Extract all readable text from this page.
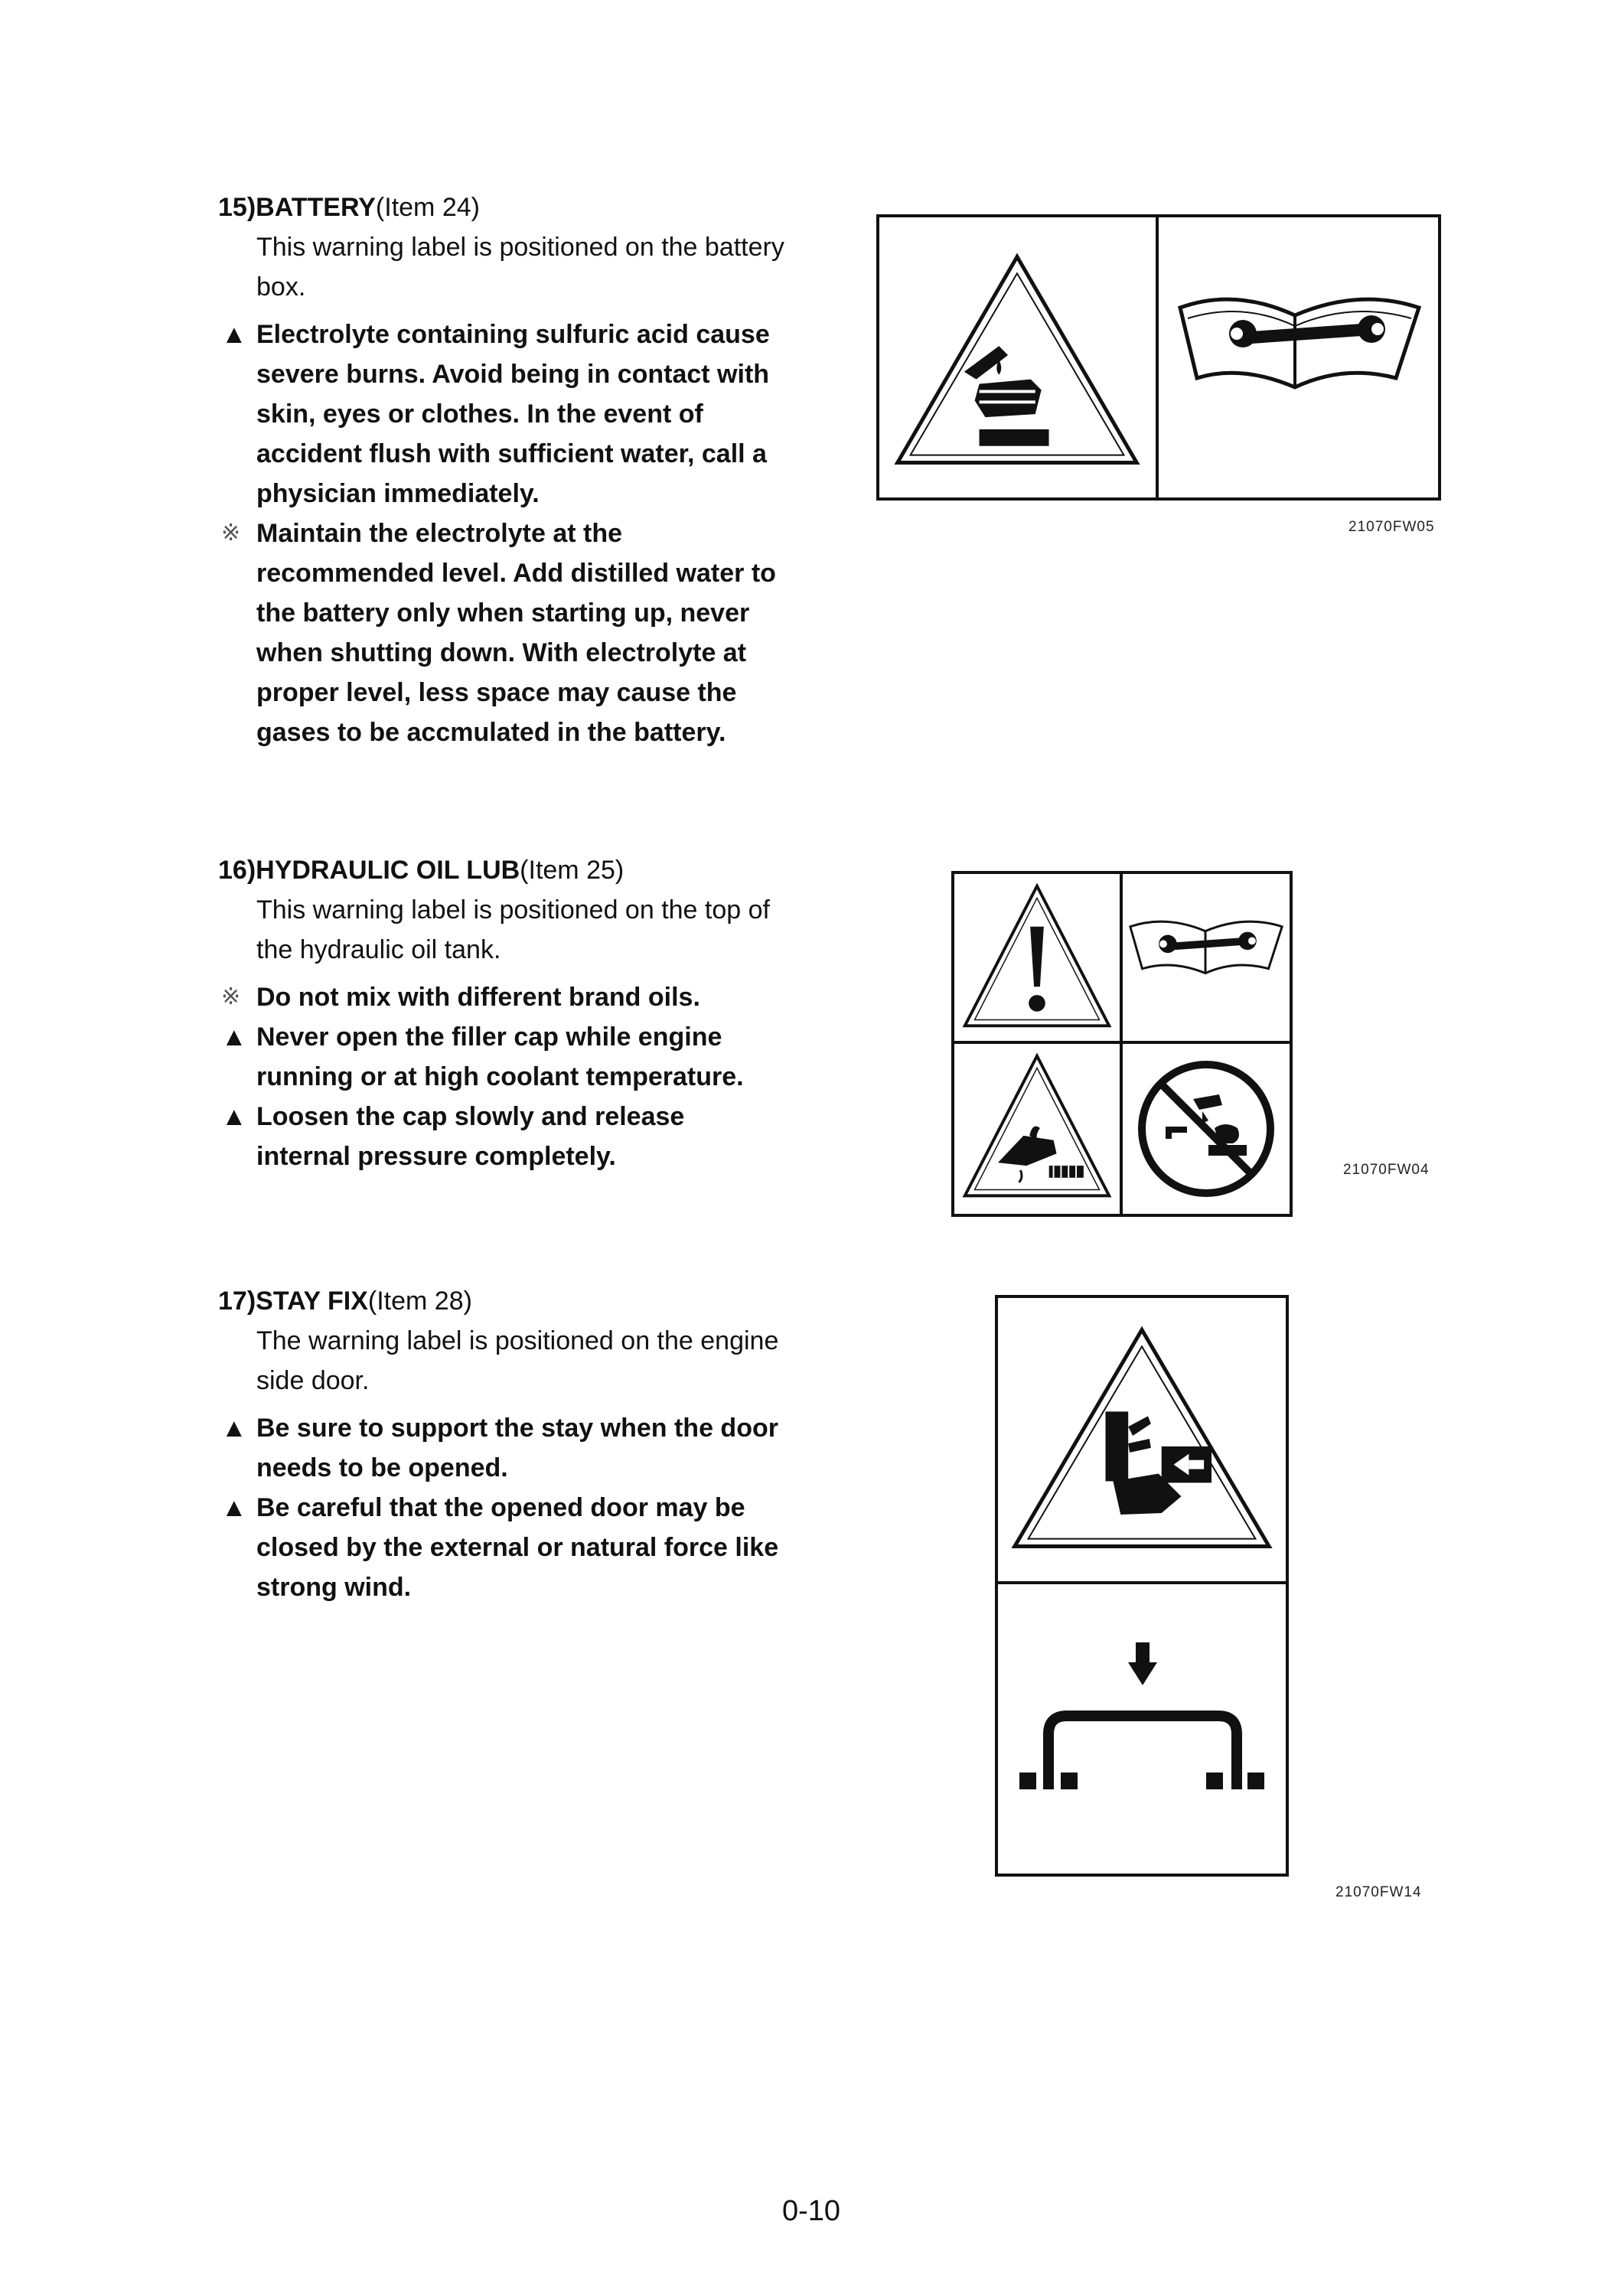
15)BATTERY(Item 24)
This warning label is positioned on the battery box.
▲ Electrolyte containing sulfuric acid cause severe burns. Avoid being in contact with skin, eyes or clothes. In the event of accident flush with sufficient water, call a physician immediately.
※ Maintain the electrolyte at the recommended level. Add distilled water to the battery only when starting up, never when shutting down. With electrolyte at proper level, less space may cause the gases to be accmulated in the battery.
21070FW05
16)HYDRAULIC OIL LUB(Item 25)
This warning label is positioned on the top of the hydraulic oil tank.
※ Do not mix with different brand oils.
▲ Never open the filler cap while engine running or at high coolant temperature.
▲ Loosen the cap slowly and release internal pressure completely.	21070FW04
17)STAY FIX(Item 28)
The warning label is positioned on the engine side door.
▲ Be sure to support the stay when the door needs to be opened.
▲ Be careful that the opened door may be closed by the external or natural force like strong wind.
21070FW14
0-10
